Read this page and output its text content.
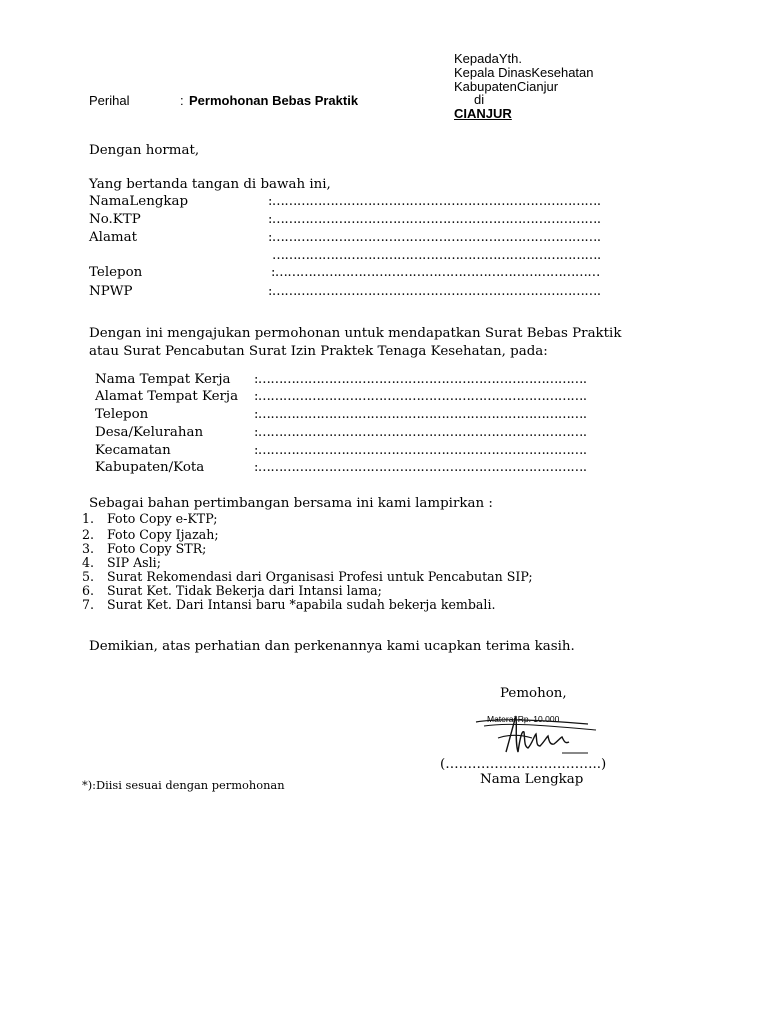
KepadaYth.
Kepala DinasKesehatan
KabupatenCianjur
di
CIANJUR
Perihal	: Permohonan Bebas Praktik
Dengan hormat,
Yang bertanda tangan di bawah ini,
NamaLengkap	:…………………………………………………………………….
No.KTP	:…………………………………………………………………….
Alamat	:…………………………………………………………………….
…………………………………………………………………….
Telepon	:……………………………………………………………………
NPWP	:…………………………………………………………………….
Dengan ini mengajukan permohonan untuk mendapatkan Surat Bebas Praktik
atau Surat Pencabutan Surat Izin Praktek Tenaga Kesehatan, pada:
Nama Tempat Kerja :…………………………………………………………………….
Alamat Tempat Kerja :…………………………………………………………………….
Telepon	:…………………………………………………………………….
Desa/Kelurahan	:…………………………………………………………………….
Kecamatan	:…………………………………………………………………….
Kabupaten/Kota	:…………………………………………………………………….
Sebagai bahan pertimbangan bersama ini kami lampirkan :
1. Foto Copy e-KTP;
2. Foto Copy Ijazah;
3. Foto Copy STR;
4. SIP Asli;
5. Surat Rekomendasi dari Organisasi Profesi untuk Pencabutan SIP;
6. Surat Ket. Tidak Bekerja dari Intansi lama;
7. Surat Ket. Dari Intansi baru *apabila sudah bekerja kembali.
Demikian, atas perhatian dan perkenannya kami ucapkan terima kasih.
Pemohon,
Materai Rp. 10.000
(……………………………..)
Nama Lengkap
*):Diisi sesuai dengan permohonan
